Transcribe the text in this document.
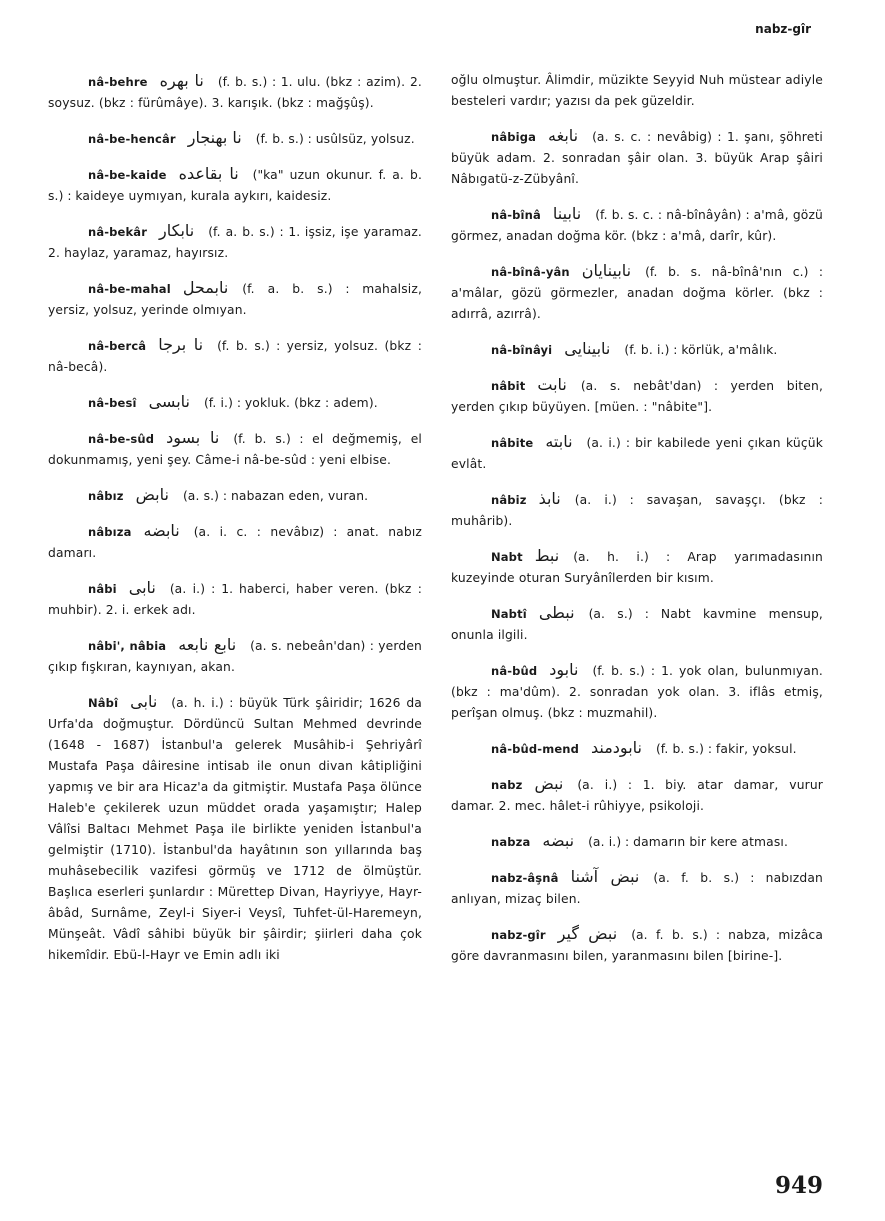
nabz-gîr
nâ-behre نا بهره (f. b. s.) : 1. ulu. (bkz : azim). 2. soysuz. (bkz : fürûmâye). 3. karışık. (bkz : mağşûş).
nâ-be-hencâr نا بهنجار (f. b. s.) : usûlsüz, yolsuz.
nâ-be-kaide نا بقاعده ("ka" uzun okunur. f. a. b. s.) : kaideye uymıyan, kurala aykırı, kaidesiz.
nâ-bekâr نابكار (f. a. b. s.) : 1. işsiz, işe yaramaz. 2. haylaz, yaramaz, hayırsız.
nâ-be-mahal نابمحل (f. a. b. s.) : mahalsiz, yersiz, yolsuz, yerinde olmıyan.
nâ-bercâ نا برجا (f. b. s.) : yersiz, yolsuz. (bkz : nâ-becâ).
nâ-besî نابسى (f. i.) : yokluk. (bkz : adem).
nâ-be-sûd نا بسود (f. b. s.) : el değmemiş, el dokunmamış, yeni şey. Câme-i nâ-be-sûd : yeni elbise.
nâbız نابض (a. s.) : nabazan eden, vuran.
nâbıza نابضه (a. i. c. : nevâbız) : anat. nabız damarı.
nâbi نابى (a. i.) : 1. haberci, haber veren. (bkz : muhbir). 2. i. erkek adı.
nâbi', nâbia نابع نابعه (a. s. nebeân'dan) : yerden çıkıp fışkıran, kaynıyan, akan.
Nâbî نابى (a. h. i.) : büyük Türk şâiridir; 1626 da Urfa'da doğmuştur. Dördüncü Sultan Mehmed devrinde (1648 - 1687) İstanbul'a gelerek Musâhib-i Şehriyârî Mustafa Paşa dâiresine intisab ile onun divan kâtipliğini yapmış ve bir ara Hicaz'a da gitmiştir. Mustafa Paşa ölünce Haleb'e çekilerek uzun müddet orada yaşamıştır; Halep Vâlîsi Baltacı Mehmet Paşa ile birlikte yeniden İstanbul'a gelmiştir (1710). İstanbul'da hayâtının son yıllarında baş muhâsebecilik vazifesi görmüş ve 1712 de ölmüştür. Başlıca eserleri şunlardır : Mürettep Divan, Hayriyye, Hayr-âbâd, Surnâme, Zeyl-i Siyer-i Veysî, Tuhfet-ül-Haremeyn, Münşeât. Vâdî sâhibi büyük bir şâirdir; şiirleri daha çok hikemîdir. Ebü-l-Hayr ve Emin adlı iki
oğlu olmuştur. Âlimdir, müzikte Seyyid Nuh müstear adiyle besteleri vardır; yazısı da pek güzeldir.
nâbiga نابغه (a. s. c. : nevâbig) : 1. şanı, şöhreti büyük adam. 2. sonradan şâir olan. 3. büyük Arap şâiri Nâbıgatü-z-Zübyânî.
nâ-bînâ نابينا (f. b. s. c. : nâ-bînâyân) : a'mâ, gözü görmez, anadan doğma kör. (bkz : a'mâ, darîr, kûr).
nâ-bînâ-yân نابينايان (f. b. s. nâ-bînâ'nın c.) : a'mâlar, gözü görmezler, anadan doğma körler. (bkz : adırrâ, azırrâ).
nâ-bînâyi نابينايى (f. b. i.) : körlük, a'mâlık.
nâbit نابت (a. s. nebât'dan) : yerden biten, yerden çıkıp büyüyen. [müen. : "nâbite"].
nâbite نابته (a. i.) : bir kabilede yeni çıkan küçük evlât.
nâbiz نابذ (a. i.) : savaşan, savaşçı. (bkz : muhârib).
Nabt نبط (a. h. i.) : Arap yarımadasının kuzeyinde oturan Suryânîlerden bir kısım.
Nabtî نبطى (a. s.) : Nabt kavmine mensup, onunla ilgili.
nâ-bûd نابود (f. b. s.) : 1. yok olan, bulunmıyan. (bkz : ma'dûm). 2. sonradan yok olan. 3. iflâs etmiş, perîşan olmuş. (bkz : muzmahil).
nâ-bûd-mend نابودمند (f. b. s.) : fakir, yoksul.
nabz نبض (a. i.) : 1. biy. atar damar, vurur damar. 2. mec. hâlet-i rûhiyye, psikoloji.
nabza نبضه (a. i.) : damarın bir kere atması.
nabz-âşnâ نبض آشنا (a. f. b. s.) : nabızdan anlıyan, mizaç bilen.
nabz-gîr نبض گير (a. f. b. s.) : nabza, mizâca göre davranmasını bilen, yaranmasını bilen [birine-].
949
